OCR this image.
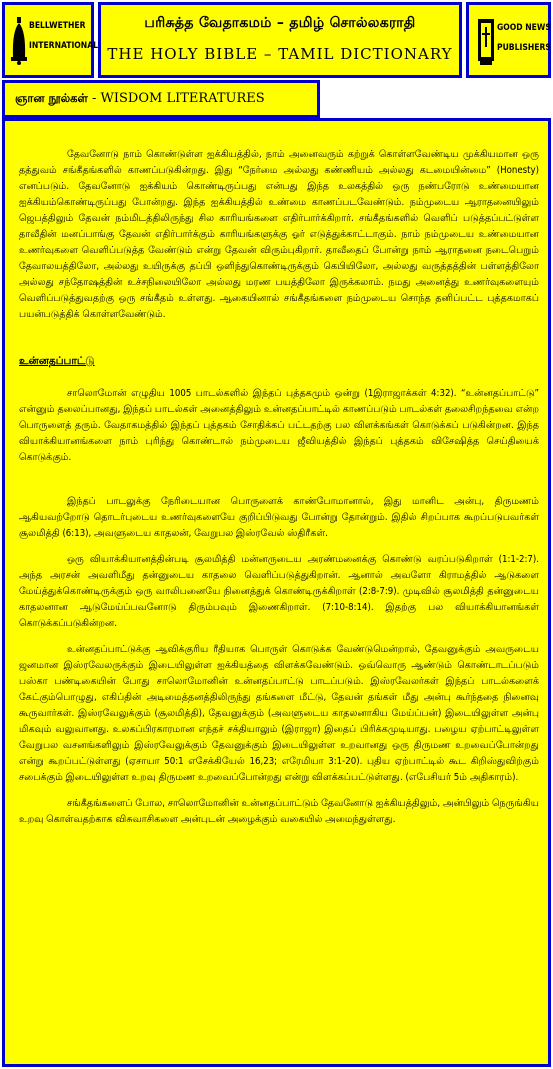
BELLWETHER
INTERNATIONAL
பரிசுத்த வேதாகமம் – தமிழ் சொல்லகராதி
THE HOLY BIBLE – TAMIL DICTIONARY
GOOD NEWS
PUBLISHERS
ஞான நூல்கள் - WISDOM LITERATURES

தேவனோடு நாம் கொண்டுள்ள ஐக்கியத்தில், நாம் அனைவரும் கற்றுக் கொள்ளவேண்டிய முக்கியமான ஒரு தத்துவம் சங்கீதங்களில் காணப்படுகின்றது. இது “நேர்மை அல்லது கண்ணியம் அல்லது கடமையின்மை” (Honesty) எனப்படும். தேவனோடு ஐக்கியம் கொண்டிருப்பது என்பது இந்த உலகத்தில் ஒரு நண்பரோடு உண்மையான ஐக்கியம்கொண்டிருப்பது போன்றது. இந்த ஐக்கியத்தில் உண்மை காணப்படவேண்டும். நம்முடைய ஆராதனையிலும் ஜெபத்திலும் தேவன் நம்மிடத்திலிருந்து சில காரியங்களை எதிர்பார்க்கிறார். சங்கீதங்களில் வெளிப் படுத்தப்பட்டுள்ள தாவீதின் மனப்பாங்கு தேவன் எதிர்பார்க்கும் காரியங்களுக்கு ஓர் எடுத்துக்காட்டாகும். நாம் நம்முடைய உண்மையான உணர்வுகளை வெளிப்படுத்த வேண்டும் என்று தேவன் விரும்புகிறார். தாவீதைப் போன்று நாம் ஆராதனை நடைபெறும் தேவாலயத்திலோ, அல்லது உயிருக்கு தப்பி ஒளிந்துகொண்டிருக்கும் கெபியிலோ, அல்லது வருத்தத்தின் பள்ளத்திலோ அல்லது சந்தோஷத்தின் உச்சநிலையிலோ அல்லது மரண பயத்திலோ இருக்கலாம். நமது அனைத்து உணர்வுகளையும் வெளிப்படுத்துவதற்கு ஒரு சங்கீதம் உள்ளது. ஆகையினால் சங்கீதங்களை நம்முடைய சொந்த தனிப்பட்ட புத்தகமாகப் பயன்படுத்திக் கொள்ளவேண்டும்.

உன்னதப்பாட்டு

சாலொமோன் எழுதிய 1005 பாடல்களில் இந்தப் புத்தகமும் ஒன்று (1இராஜாக்கள் 4:32). “உன்னதப்பாட்டு” என்னும் தலைப்பானது, இந்தப் பாடல்கள் அனைத்திலும் உன்னதப்பாட்டில் காணப்படும் பாடல்கள் தலைசிறந்தவை என்ற பொருளைத் தரும். வேதாகமத்தில் இந்தப் புத்தகம் சோதிக்கப் பட்டதற்கு பல விளக்கங்கள் கொடுக்கப் படுகின்றன. இந்த வியாக்கியானங்களை நாம் புரிந்து கொண்டால் நம்முடைய ஜீவியத்தில் இந்தப் புத்தகம் விசேஷித்த செய்தியைக் கொடுக்கும்.

இந்தப் பாடலுக்கு நேரிடையான பொருளைக் காண்போமானால், இது மானிட அன்பு, திருமணம் ஆகியவற்றோடு தொடர்புடைய உணர்வுகளையே குறிப்பிடுவது போன்று தோன்றும். இதில் சிறப்பாக கூறப்படுபவர்கள் சூலமித்தி (6:13), அவளுடைய காதலன், வேறுபல இஸ்ரவேல் ஸ்திரீகள்.

ஒரு வியாக்கியானத்தின்படி சூலமித்தி மன்னருடைய அரண்மனைக்கு கொண்டு வரப்படுகிறாள் (1:1-2:7). அந்த அரசன் அவளிமீது தன்னுடைய காதலை வெளிப்படுத்துகிறான். ஆனால் அவளோ கிராமத்தில் ஆடுகளை மேய்த்துக்கொண்டிருக்கும் ஒரு வாலிபனையே நினைத்துக் கொண்டிருக்கிறாள் (2:8-7:9). முடிவில் சூலமித்தி தன்னுடைய காதலனான ஆடுமேய்ப்பவனோடு திரும்பவும் இணைகிறாள். (7:10-8:14). இதற்கு பல வியாக்கியானங்கள் கொடுக்கப்படுகின்றன.

உன்னதப்பாட்டுக்கு ஆவிக்குரிய ரீதியாக பொருள் கொடுக்க வேண்டுமென்றால், தேவனுக்கும் அவருடைய ஜனமான இஸ்ரவேலருக்கும் இடையிலுள்ள ஐக்கியத்தை விளக்கவேண்டும். ஒவ்வொரு ஆண்டும் கொண்டாடப்படும் பஸ்கா பண்டிகையின் போது சாலொமோனின் உன்னதப்பாட்டு பாடப்படும். இஸ்ரவேலர்கள் இந்தப் பாடல்களைக் கேட்கும்பொழுது, எகிப்தின் அடிமைத்தனத்திலிருந்து தங்களை மீட்டு, தேவன் தங்கள் மீது அன்பு கூர்ந்ததை நினைவு கூருவார்கள். இஸ்ரவேலுக்கும் (சூலமித்தி), தேவனுக்கும் (அவளுடைய காதலனாகிய மேய்ப்பன்) இடையிலுள்ள அன்பு மிகவும் வலுவானது. உலகப்பிரகாரமான எந்தச் சக்தியாலும் (இராஜா) இதைப் பிரிக்கமுடியாது. பழைய ஏற்பாட்டிலுள்ள வேறுபல வசனங்களிலும் இஸ்ரவேலுக்கும் தேவனுக்கும் இடையிலுள்ள உறவானது ஒரு திருமண உறவைப்போன்றது என்று கூறப்பட்டுள்ளது (ஏசாயா 50:1 எசேக்கியேல் 16,23; எரேமியா 3:1-20). புதிய ஏற்பாட்டில் கூட கிறிஸ்துவிற்கும் சபைக்கும் இடையிலுள்ள உறவு திருமண உறவைப்போன்றது என்று விளக்கப்பட்டுள்ளது. (எபேசியர் 5ம் அதிகாரம்).

சங்கீதங்களைப் போல, சாலொமோனின் உன்னதப்பாட்டும் தேவனோடு ஐக்கியத்திலும், அன்பிலும் நெருங்கிய உறவு கொள்வதற்காக விசுவாசிகளை அன்புடன் அழைக்கும் வகையில் அமைந்துள்ளது.
